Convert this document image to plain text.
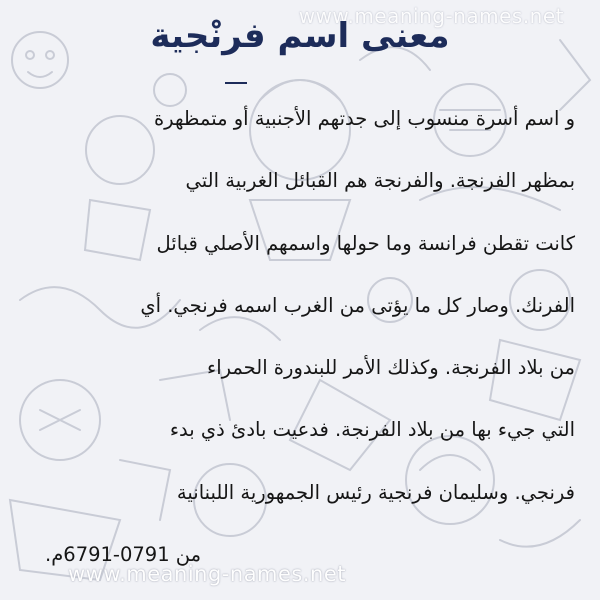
www.meaning-names.net
معنى اسم فرنْجية
و اسم أسرة منسوب إلى جدتهم الأجنبية أو متمظهرة
بمظهر الفرنجة. والفرنجة هم القبائل الغربية التي
كانت تقطن فرانسة وما حولها واسمهم الأصلي قبائل
الفرنك. وصار كل ما يؤتى من الغرب اسمه فرنجي. أي
من بلاد الفرنجة. وكذلك الأمر للبندورة الحمراء
التي جيء بها من بلاد الفرنجة. فدعيت بادئ ذي بدء
فرنجي. وسليمان فرنجية رئيس الجمهورية اللبنانية
من 0791-6791م.
www.meaning-names.net
